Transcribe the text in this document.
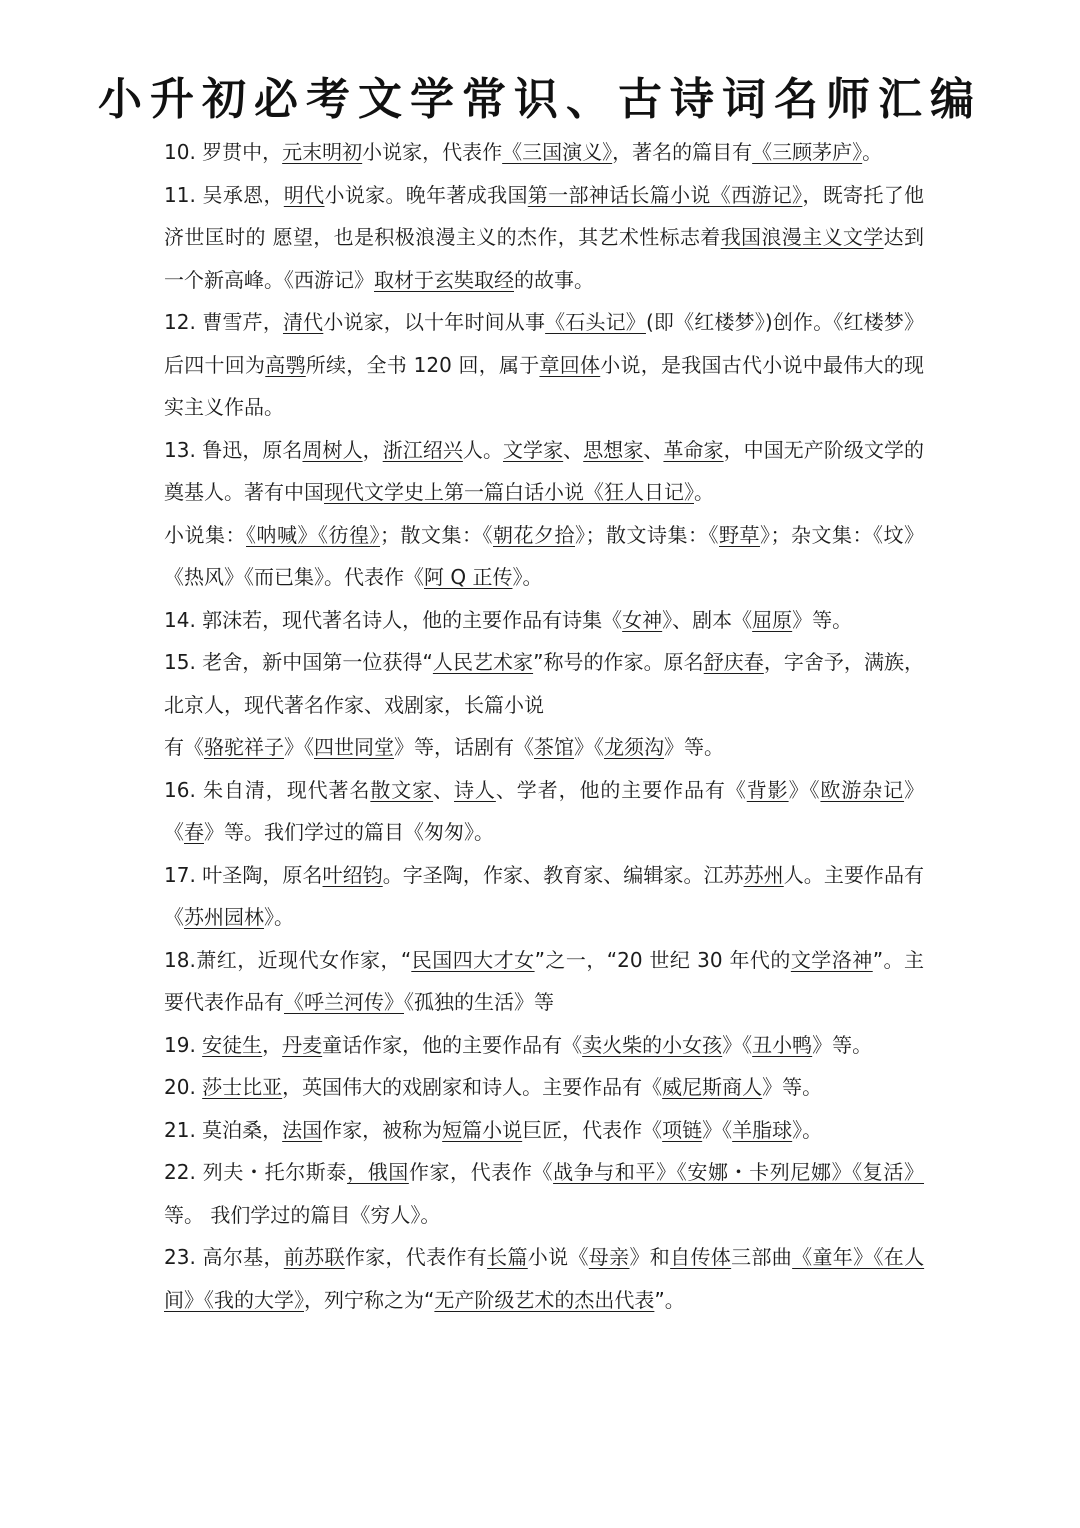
小升初必考文学常识、古诗词名师汇编

10. 罗贯中，元末明初小说家，代表作《三国演义》，著名的篇目有《三顾茅庐》。

11. 吴承恩，明代小说家。晚年著成我国第一部神话长篇小说《西游记》，既寄托了他济世匡时的 愿望，也是积极浪漫主义的杰作，其艺术性标志着我国浪漫主义文学达到一个新高峰。《西游记》取材于玄奘取经的故事。

12. 曹雪芹，清代小说家，以十年时间从事《石头记》(即《红楼梦》)创作。《红楼梦》后四十回为高鹗所续，全书 120 回，属于章回体小说，是我国古代小说中最伟大的现实主义作品。

13. 鲁迅，原名周树人，浙江绍兴人。文学家、思想家、革命家，中国无产阶级文学的奠基人。著有中国现代文学史上第一篇白话小说《狂人日记》。

小说集：《呐喊》《彷徨》；散文集：《朝花夕拾》；散文诗集：《野草》；杂文集：《坟》《热风》《而已集》。代表作《阿 Q 正传》。

14. 郭沫若，现代著名诗人，他的主要作品有诗集《女神》、剧本《屈原》等。

15. 老舍，新中国第一位获得“人民艺术家”称号的作家。原名舒庆春，字舍予，满族，北京人，现代著名作家、戏剧家，长篇小说

有《骆驼祥子》《四世同堂》等，话剧有《茶馆》《龙须沟》等。

16. 朱自清，现代著名散文家、诗人、学者，他的主要作品有《背影》《欧游杂记》《春》等。我们学过的篇目《匆匆》。

17. 叶圣陶，原名叶绍钧。字圣陶，作家、教育家、编辑家。江苏苏州人。主要作品有《苏州园林》。

18.萧红，近现代女作家，“民国四大才女”之一，“20 世纪 30 年代的文学洛神”。主要代表作品有《呼兰河传》《孤独的生活》等

19. 安徒生，丹麦童话作家，他的主要作品有《卖火柴的小女孩》《丑小鸭》等。

20. 莎士比亚，英国伟大的戏剧家和诗人。主要作品有《威尼斯商人》等。

21. 莫泊桑，法国作家，被称为短篇小说巨匠，代表作《项链》《羊脂球》。

22. 列夫・托尔斯泰，俄国作家，代表作《战争与和平》《安娜・卡列尼娜》《复活》等。 我们学过的篇目《穷人》。

23. 高尔基，前苏联作家，代表作有长篇小说《母亲》和自传体三部曲《童年》《在人间》《我的大学》，列宁称之为“无产阶级艺术的杰出代表”。
